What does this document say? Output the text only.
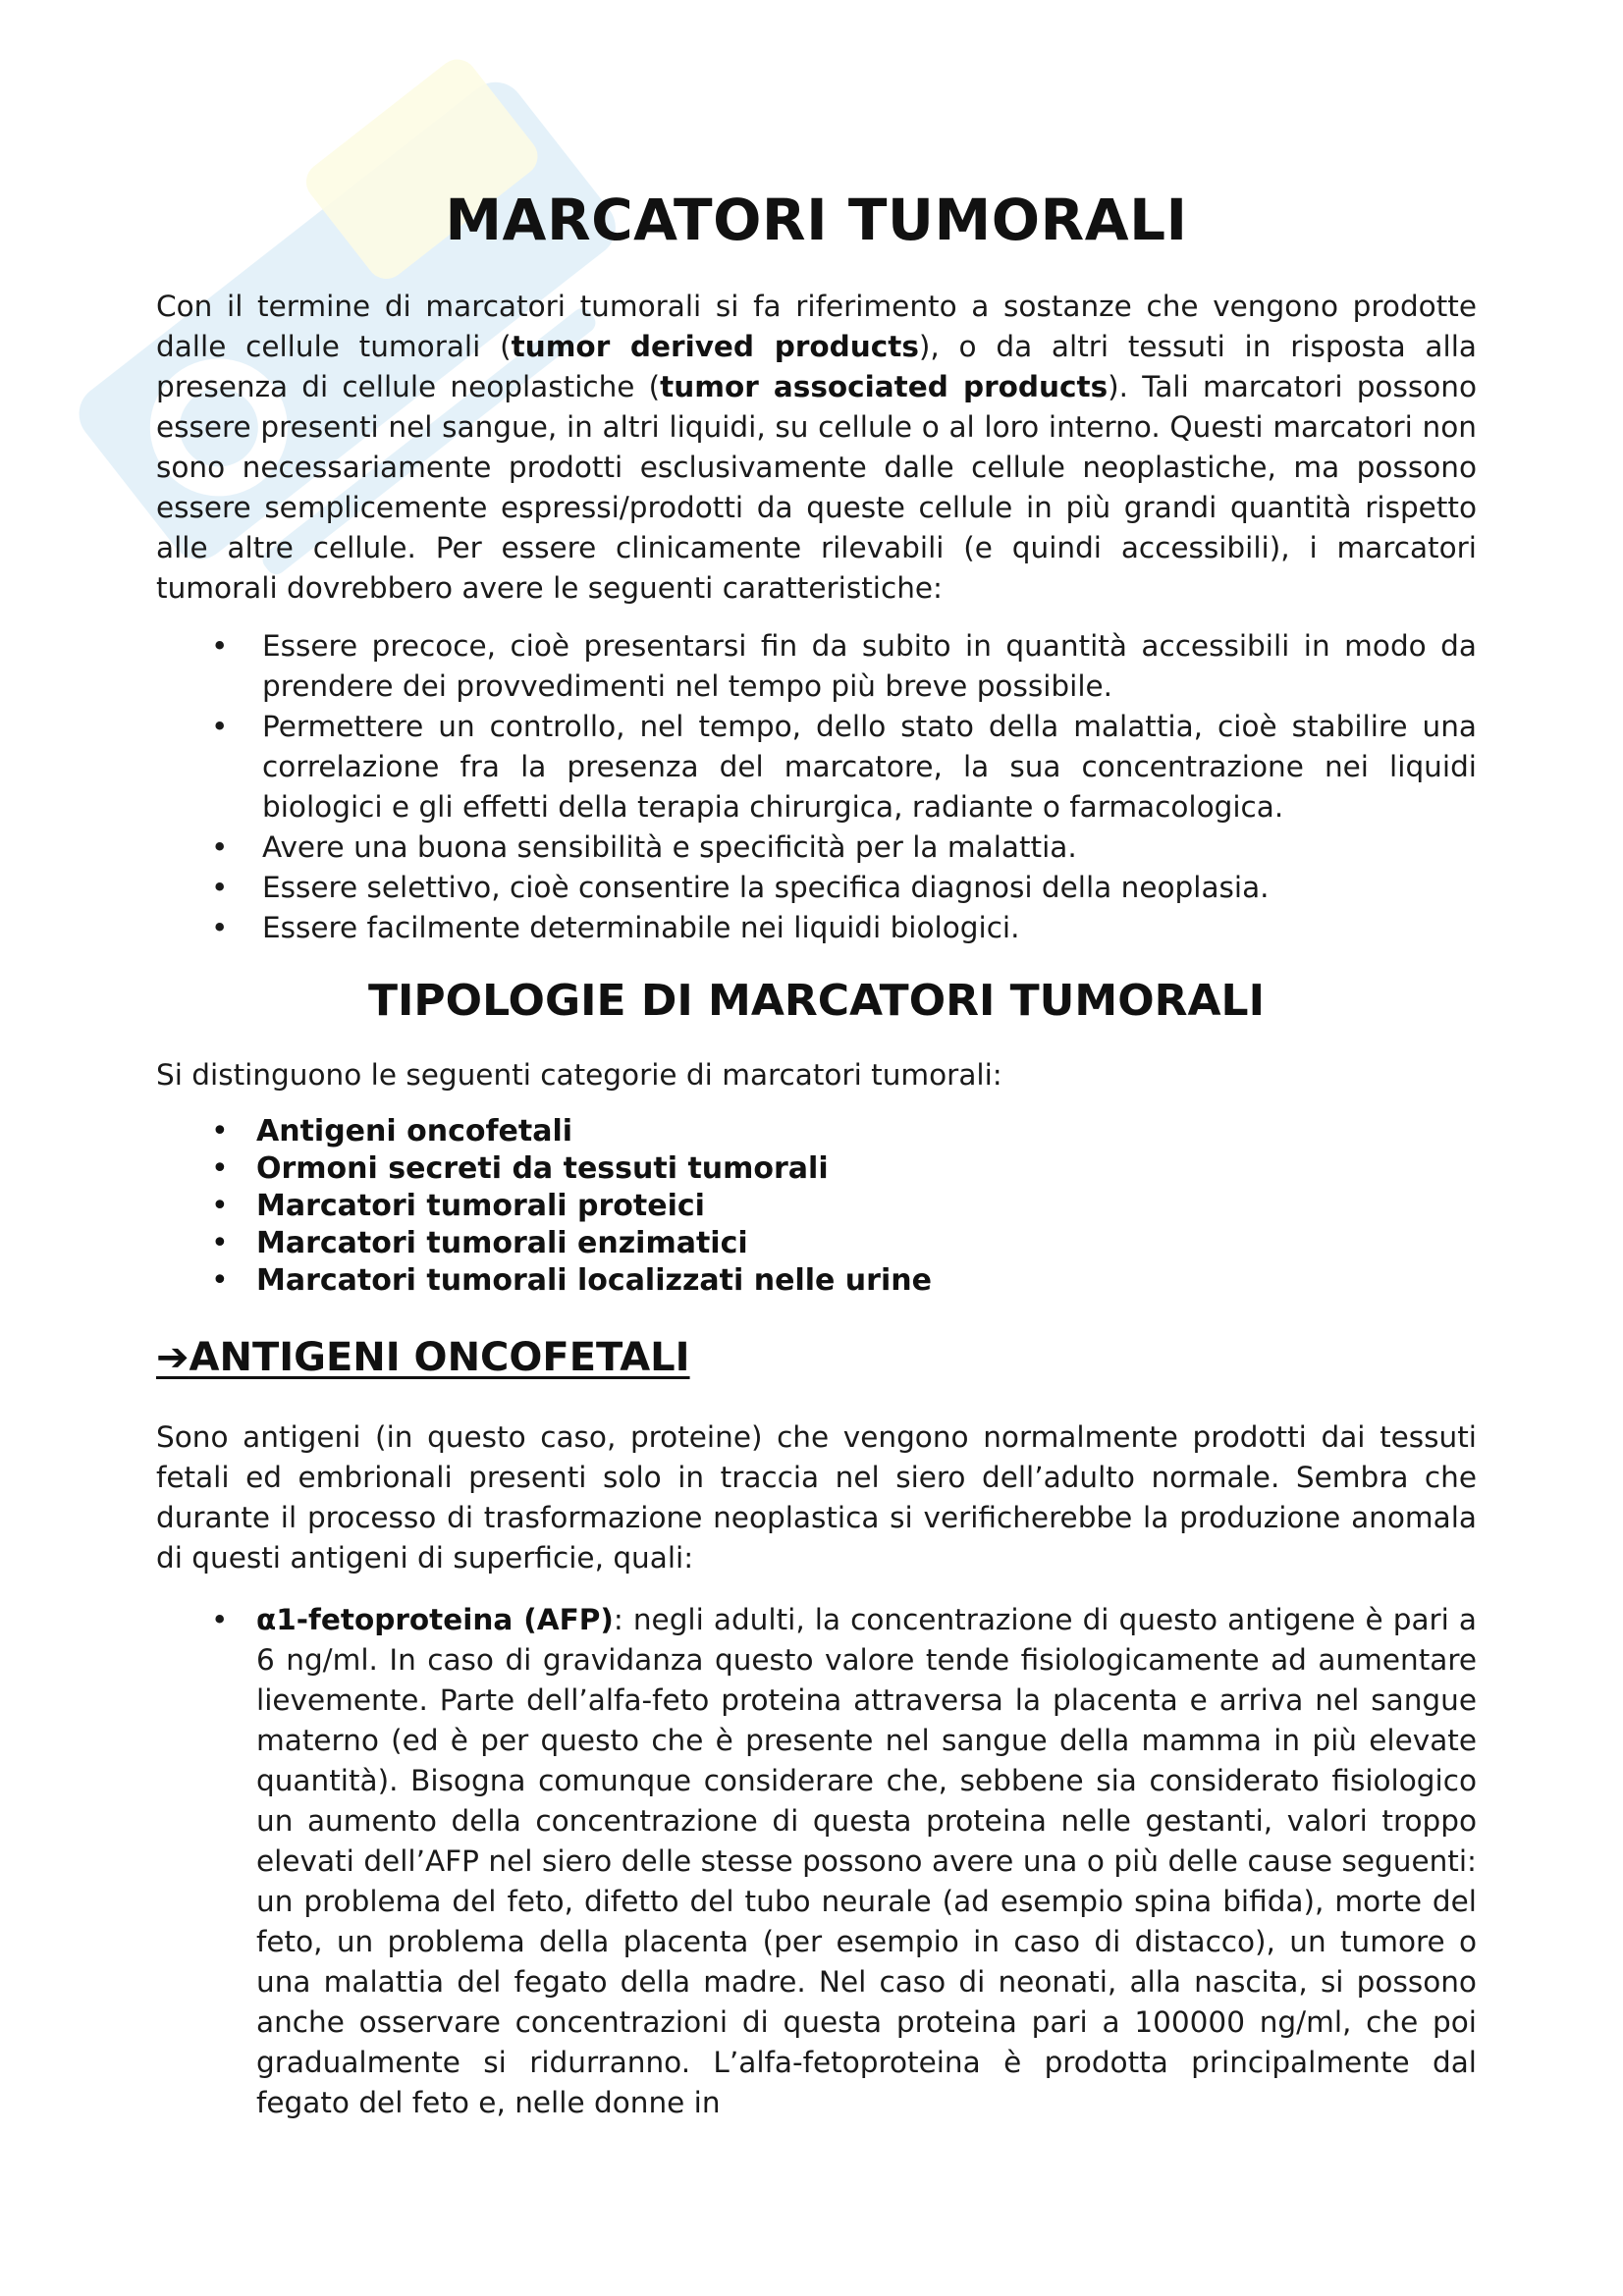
MARCATORI TUMORALI

Con il termine di marcatori tumorali si fa riferimento a sostanze che vengono prodotte dalle cellule tumorali (tumor derived products), o da altri tessuti in risposta alla presenza di cellule neoplastiche (tumor associated products). Tali marcatori possono essere presenti nel sangue, in altri liquidi, su cellule o al loro interno. Questi marcatori non sono necessariamente prodotti esclusivamente dalle cellule neoplastiche, ma possono essere semplicemente espressi/prodotti da queste cellule in più grandi quantità rispetto alle altre cellule. Per essere clinicamente rilevabili (e quindi accessibili), i marcatori tumorali dovrebbero avere le seguenti caratteristiche:

• Essere precoce, cioè presentarsi fin da subito in quantità accessibili in modo da prendere dei provvedimenti nel tempo più breve possibile.
• Permettere un controllo, nel tempo, dello stato della malattia, cioè stabilire una correlazione fra la presenza del marcatore, la sua concentrazione nei liquidi biologici e gli effetti della terapia chirurgica, radiante o farmacologica.
• Avere una buona sensibilità e specificità per la malattia.
• Essere selettivo, cioè consentire la specifica diagnosi della neoplasia.
• Essere facilmente determinabile nei liquidi biologici.
TIPOLOGIE DI MARCATORI TUMORALI

Si distinguono le seguenti categorie di marcatori tumorali:

• Antigeni oncofetali
• Ormoni secreti da tessuti tumorali
• Marcatori tumorali proteici
• Marcatori tumorali enzimatici
• Marcatori tumorali localizzati nelle urine
➔ANTIGENI ONCOFETALI

Sono antigeni (in questo caso, proteine) che vengono normalmente prodotti dai tessuti fetali ed embrionali presenti solo in traccia nel siero dell’adulto normale. Sembra che durante il processo di trasformazione neoplastica si verificherebbe la produzione anomala di questi antigeni di superficie, quali:

• α1-fetoproteina (AFP): negli adulti, la concentrazione di questo antigene è pari a 6 ng/ml. In caso di gravidanza questo valore tende fisiologicamente ad aumentare lievemente. Parte dell’alfa-feto proteina attraversa la placenta e arriva nel sangue materno (ed è per questo che è presente nel sangue della mamma in più elevate quantità). Bisogna comunque considerare che, sebbene sia considerato fisiologico un aumento della concentrazione di questa proteina nelle gestanti, valori troppo elevati dell’AFP nel siero delle stesse possono avere una o più delle cause seguenti: un problema del feto, difetto del tubo neurale (ad esempio spina bifida), morte del feto, un problema della placenta (per esempio in caso di distacco), un tumore o una malattia del fegato della madre. Nel caso di neonati, alla nascita, si possono anche osservare concentrazioni di questa proteina pari a 100000 ng/ml, che poi gradualmente si ridurranno. L’alfa-fetoproteina è prodotta principalmente dal fegato del feto e, nelle donne in
